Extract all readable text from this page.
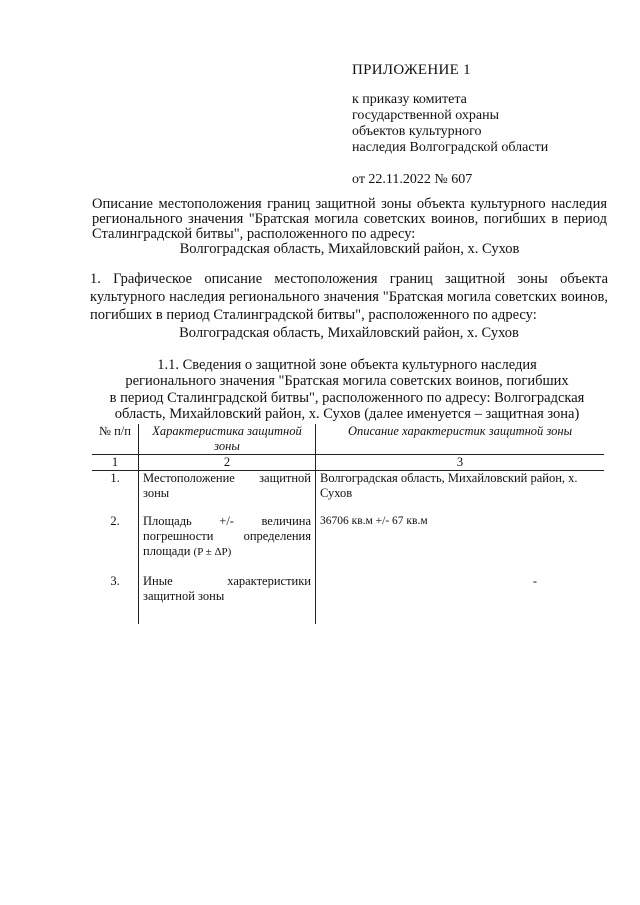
ПРИЛОЖЕНИЕ 1
к приказу комитета
государственной охраны
объектов культурного
наследия Волгоградской области
от 22.11.2022 № 607
Описание местоположения границ защитной зоны объекта культурного наследия регионального значения "Братская могила советских воинов, погибших в период Сталинградской битвы", расположенного по адресу:
Волгоградская область, Михайловский район, х. Сухов
1. Графическое описание местоположения границ защитной зоны объекта культурного наследия регионального значения "Братская могила советских воинов, погибших в период Сталинградской битвы", расположенного по адресу:
Волгоградская область, Михайловский район, х. Сухов
1.1. Сведения о защитной зоне объекта культурного наследия
регионального значения "Братская могила советских воинов, погибших
в период Сталинградской битвы", расположенного по адресу: Волгоградская
область, Михайловский район, х. Сухов (далее именуется – защитная зона)
№ п/п	Характеристика защитной зоны	Описание характеристик защитной зоны
1	2	3
1.	Местоположение защитной зоны	Волгоградская область, Михайловский район, х. Сухов
2.	Площадь +/- величина погрешности определения площади (P ± ΔP)	36706 кв.м +/- 67 кв.м
3.	Иные характеристики защитной зоны	-
